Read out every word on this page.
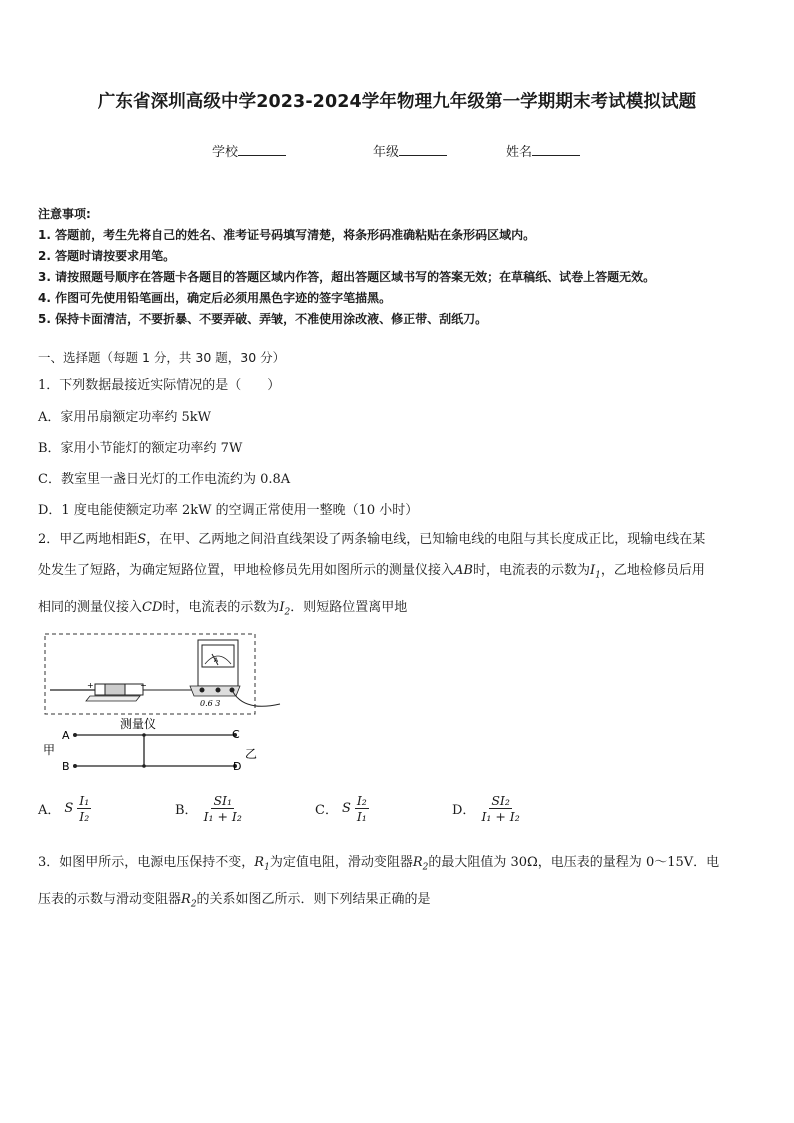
广东省深圳高级中学2023-2024学年物理九年级第一学期期末考试模拟试题
学校	年级	姓名
注意事项:
1. 答题前，考生先将自己的姓名、准考证号码填写清楚，将条形码准确粘贴在条形码区域内。
2. 答题时请按要求用笔。
3. 请按照题号顺序在答题卡各题目的答题区域内作答，超出答题区域书写的答案无效；在草稿纸、试卷上答题无效。
4. 作图可先使用铅笔画出，确定后必须用黑色字迹的签字笔描黑。
5. 保持卡面清洁，不要折暴、不要弄破、弄皱，不准使用涂改液、修正带、刮纸刀。
一、选择题（每题 1 分，共 30 题，30 分）
1．下列数据最接近实际情况的是（　　）
A．家用吊扇额定功率约 5kW
B．家用小节能灯的额定功率约 7W
C．教室里一盏日光灯的工作电流约为 0.8A
D．1 度电能使额定功率 2kW 的空调正常使用一整晚（10 小时）
2．甲乙两地相距S，在甲、乙两地之间沿直线架设了两条输电线，已知输电线的电阻与其长度成正比，现输电线在某
处发生了短路，为确定短路位置，甲地检修员先用如图所示的测量仪接入AB时，电流表的示数为$I_1$，乙地检修员后用
相同的测量仪接入CD时，电流表的示数为$I_2$．则短路位置离甲地
+	−
A
0.6 3
测量仪
A
B
C
D
甲	乙
A． S $\frac{\text{I₁}}{\text{I₂}}$	B． $\frac{\text{SI₁}}{\text{I₁ + I₂}}$	C． S $\frac{\text{I₂}}{\text{I₁}}$	D． $\frac{\text{SI₂}}{\text{I₁ + I₂}}$
3．如图甲所示，电源电压保持不变，$R_1$为定值电阻，滑动变阻器$R_2$的最大阻值为 30Ω，电压表的量程为 0～15V．电
压表的示数与滑动变阻器$R_2$的关系如图乙所示．则下列结果正确的是
